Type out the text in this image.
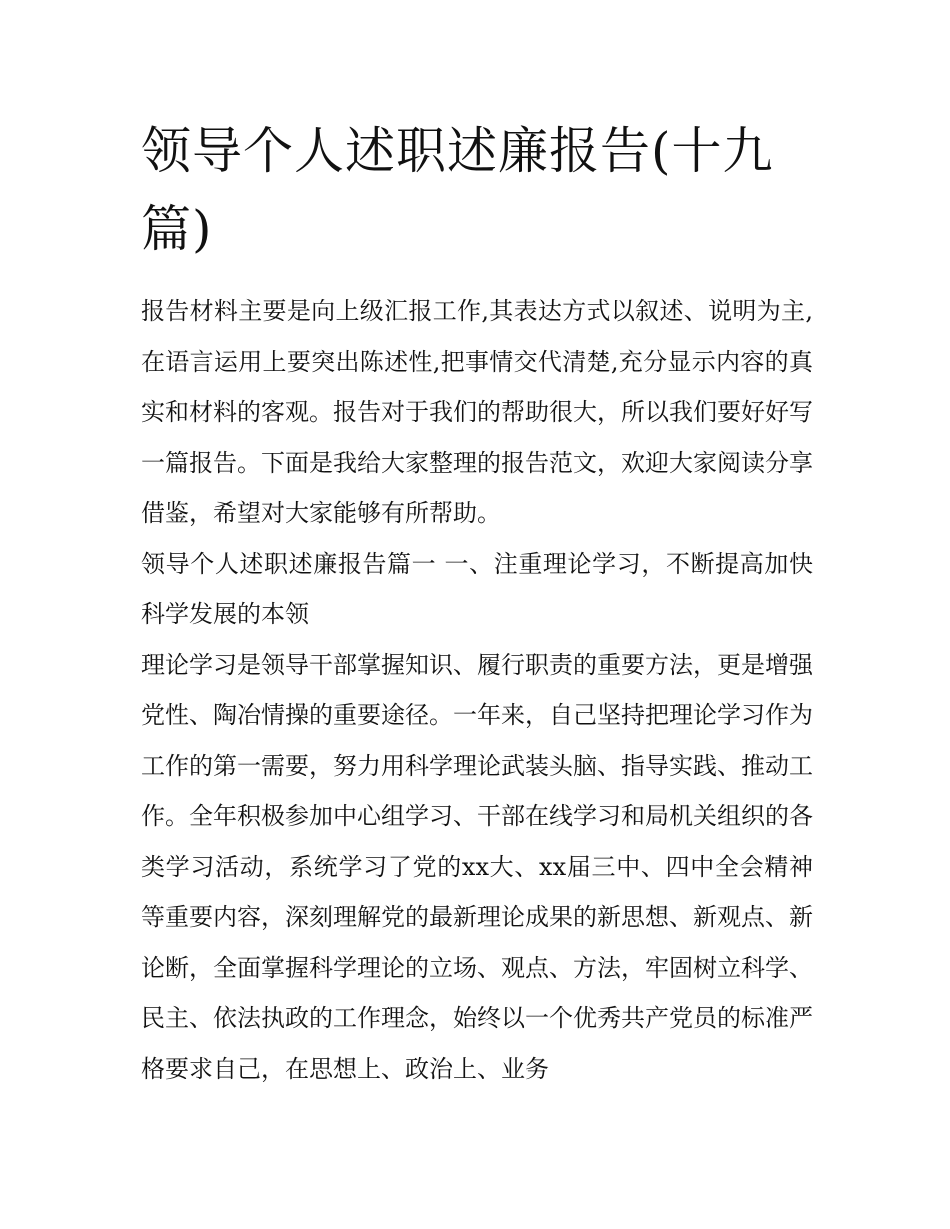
领导个人述职述廉报告(十九篇)

报告材料主要是向上级汇报工作,其表达方式以叙述、说明为主,在语言运用上要突出陈述性,把事情交代清楚,充分显示内容的真实和材料的客观。报告对于我们的帮助很大，所以我们要好好写一篇报告。下面是我给大家整理的报告范文，欢迎大家阅读分享借鉴，希望对大家能够有所帮助。

领导个人述职述廉报告篇一 一、注重理论学习，不断提高加快科学发展的本领

理论学习是领导干部掌握知识、履行职责的重要方法，更是增强党性、陶冶情操的重要途径。一年来，自己坚持把理论学习作为工作的第一需要，努力用科学理论武装头脑、指导实践、推动工作。全年积极参加中心组学习、干部在线学习和局机关组织的各类学习活动，系统学习了党的xx大、xx届三中、四中全会精神等重要内容，深刻理解党的最新理论成果的新思想、新观点、新论断，全面掌握科学理论的立场、观点、方法，牢固树立科学、民主、依法执政的工作理念，始终以一个优秀共产党员的标准严格要求自己，在思想上、政治上、业务
